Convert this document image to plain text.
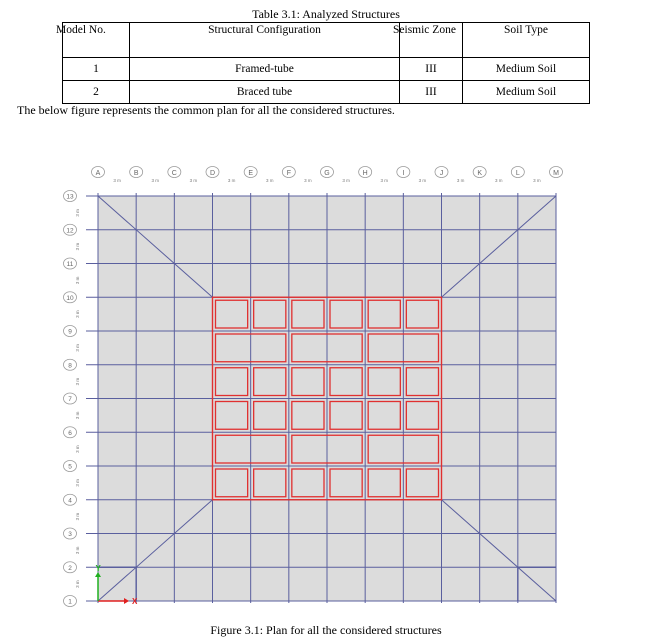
Table 3.1: Analyzed Structures
Model No.	Structural Configuration	Seismic Zone	Soil Type
1	Framed-tube	III	Medium Soil
2	Braced tube	III	Medium Soil
The below figure represents the common plan for all the considered structures.
A	B	C	D	E	F	G	H	I	J	K	L	M
1
2
3
4
5
6
7
8
9
10
11
12
13
3 m	3 m	3 m	3 m	3 m	3 m	3 m	3 m	3 m	3 m	3 m	3 m
3 m
3 m
3 m
3 m
3 m
3 m
3 m
3 m
3 m
3 m
3 m
3 m
X
Y
Figure 3.1: Plan for all the considered structures
